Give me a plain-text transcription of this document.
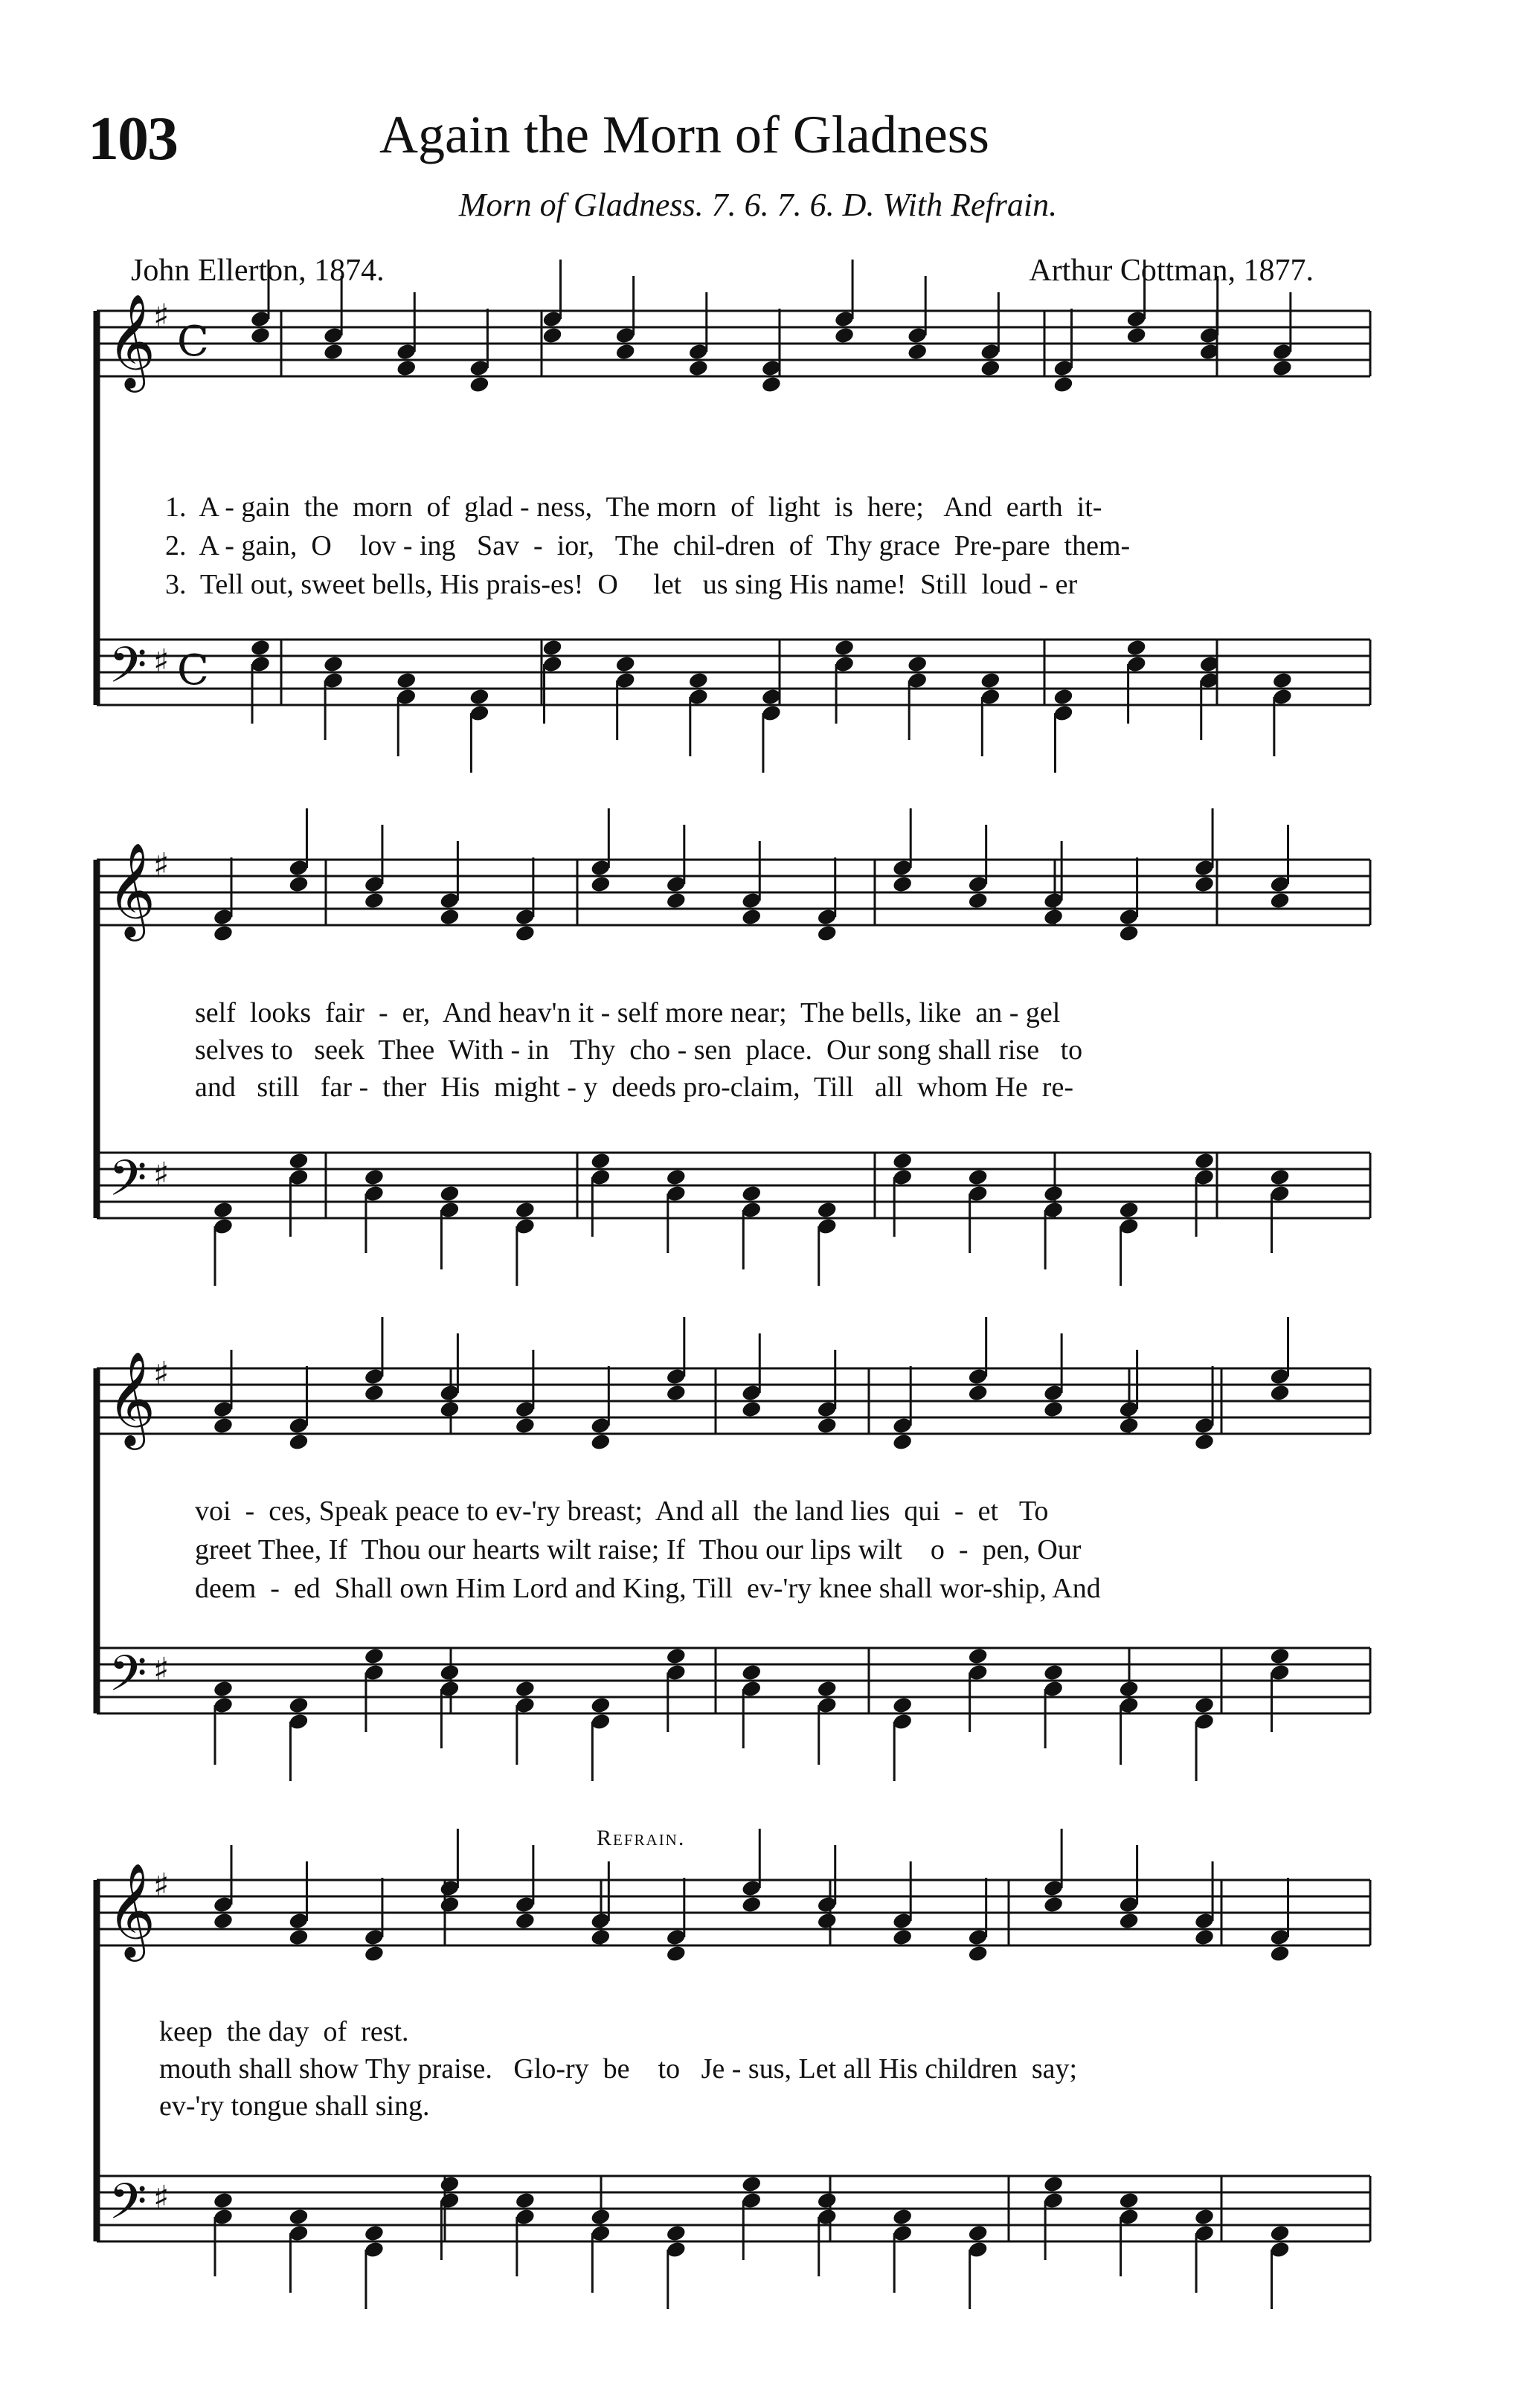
103	Again the Morn of Gladness
Morn of Gladness. 7. 6. 7. 6. D. With Refrain.
John Ellerton, 1874.	Arthur Cottman, 1877.
Refrain.
𝄞
𝄢
♯
♯
C
C
𝄞
𝄢
♯
♯
𝄞
𝄢
♯
♯
𝄞
𝄢
♯
♯
1.  A - gain  the  morn  of  glad - ness,  The morn  of  light  is  here;   And  earth  it-
2.  A - gain,  O    lov - ing   Sav  -  ior,   The  chil-dren  of  Thy grace  Pre-pare  them-
3.  Tell out, sweet bells, His prais-es!  O     let   us sing His name!  Still  loud - er
self  looks  fair  -  er,  And heav'n it - self more near;  The bells, like  an - gel
selves to   seek  Thee  With - in   Thy  cho - sen  place.  Our song shall rise   to
and   still   far -  ther  His  might - y  deeds pro-claim,  Till   all  whom He  re-
voi  -  ces, Speak peace to ev-'ry breast;  And all  the land lies  qui  -  et   To
greet Thee, If  Thou our hearts wilt raise; If  Thou our lips wilt    o  -  pen, Our
deem  -  ed  Shall own Him Lord and King, Till  ev-'ry knee shall wor-ship, And
keep  the day  of  rest.
mouth shall show Thy praise.   Glo-ry  be    to   Je - sus, Let all His children  say;
ev-'ry tongue shall sing.
